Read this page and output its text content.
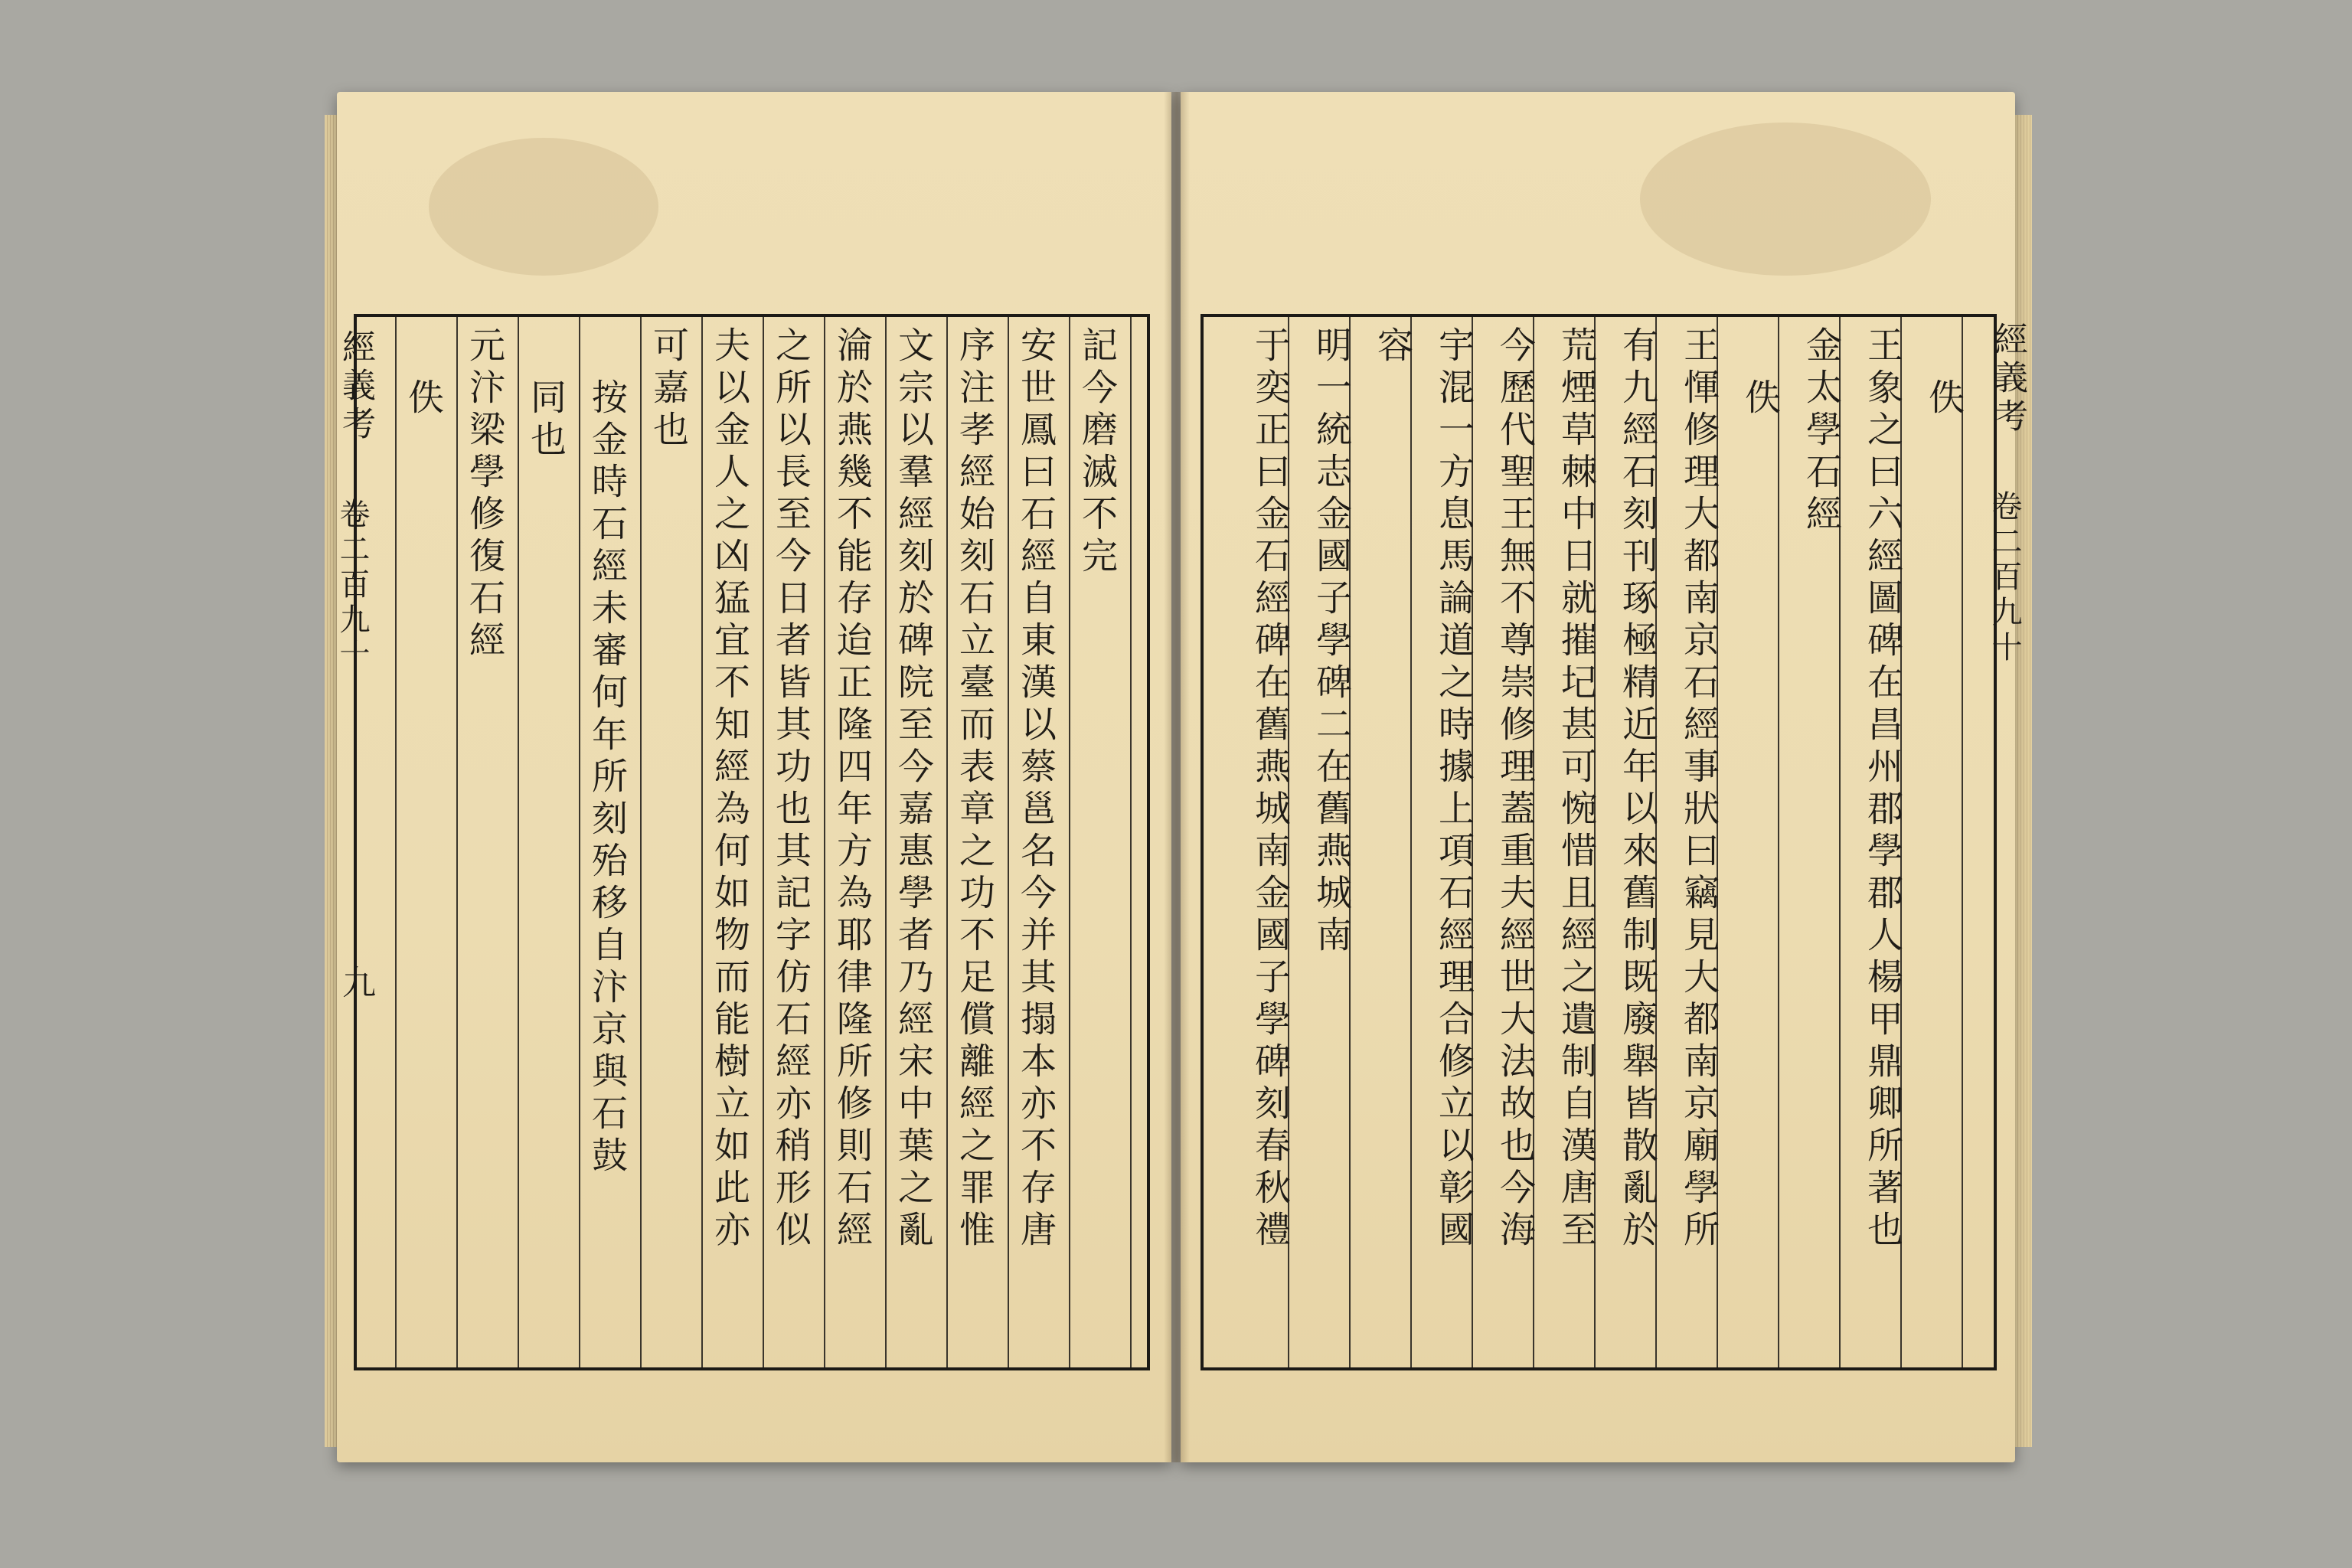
經義考
卷二百九十
九
經義考
卷二百九十
記今磨滅不完
安世鳳曰石經自東漢以蔡邕名今并其搨本亦不存唐
序注孝經始刻石立臺而表章之功不足償離經之罪惟
文宗以羣經刻於碑院至今嘉惠學者乃經宋中葉之亂
淪於燕幾不能存迨正隆四年方為耶律隆所修則石經
之所以長至今日者皆其功也其記字仿石經亦稍形似
夫以金人之凶猛宜不知經為何如物而能樹立如此亦
可嘉也
按金時石經未審何年所刻殆移自汴京與石鼓
同也
元汴梁學修復石經
佚	佚
王象之曰六經圖碑在昌州郡學郡人楊甲鼎卿所著也
金太學石經
佚
王惲修理大都南京石經事狀曰竊見大都南京廟學所
有九經石刻刊琢極精近年以來舊制既廢舉皆散亂於
荒煙草棘中日就摧圮甚可惋惜且經之遺制自漢唐至
今歷代聖王無不尊崇修理蓋重夫經世大法故也今海
宇混一方息馬論道之時據上項石經理合修立以彰國
容
明一統志金國子學碑二在舊燕城南
于奕正曰金石經碑在舊燕城南金國子學碑刻春秋禮
